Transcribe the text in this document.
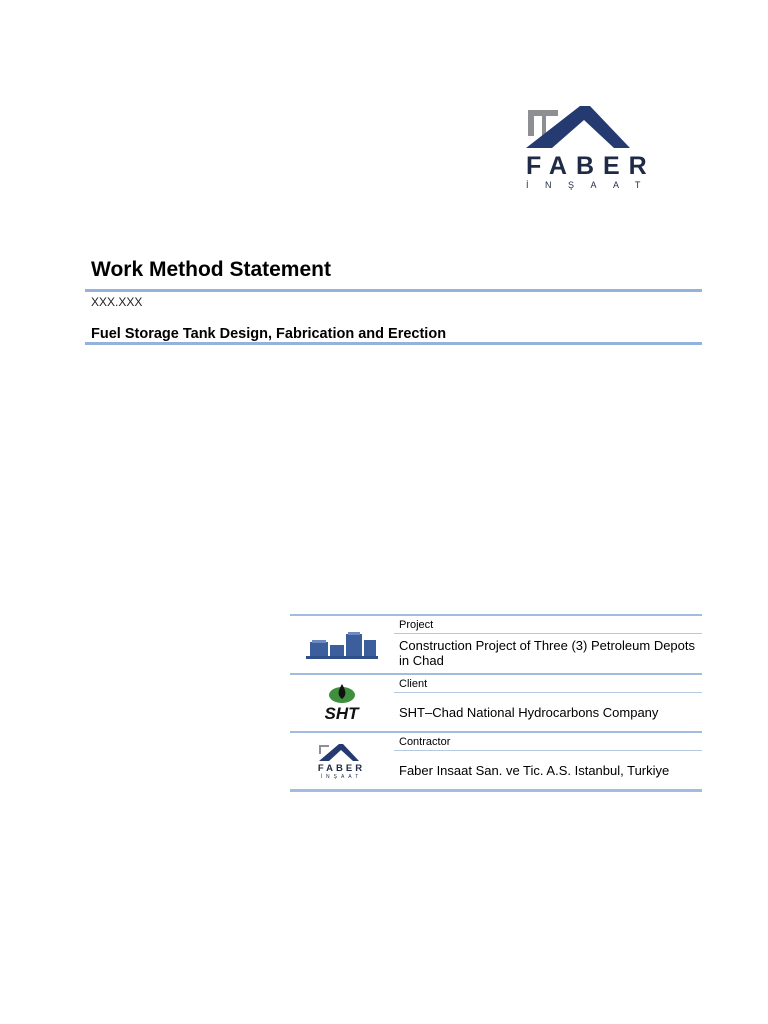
FABER
İNŞAAT
Work Method Statement
XXX.XXX
Fuel Storage Tank Design, Fabrication and Erection
Project
Construction Project of Three (3) Petroleum Depots in Chad
SHT
Client
SHT–Chad National Hydrocarbons Company
FABER
İNŞAAT
Contractor
Faber Insaat San. ve Tic. A.S. Istanbul, Turkiye
